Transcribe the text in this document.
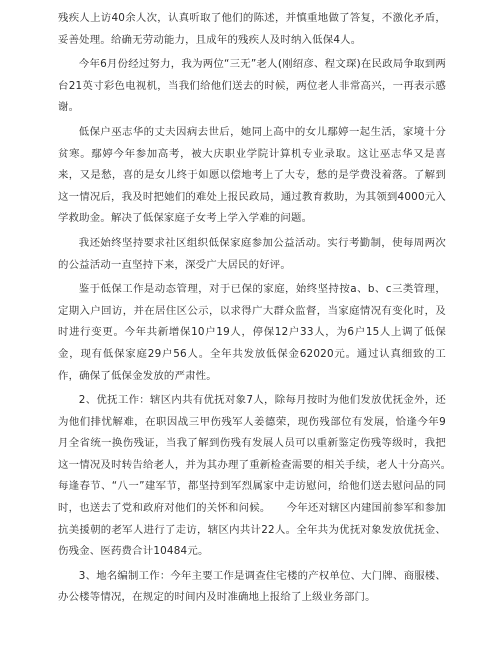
残疾人上访40余人次，认真听取了他们的陈述，并慎重地做了答复，不激化矛盾，妥善处理。给确无劳动能力，且成年的残疾人及时纳入低保4人。

今年6月份经过努力，我为两位“三无”老人(刚绍彦、程文琛)在民政局争取到两台21英寸彩色电视机，当我们给他们送去的时候，两位老人非常高兴，一再表示感谢。

低保户巫志华的丈夫因病去世后，她同上高中的女儿鄢婷一起生活，家境十分贫寒。鄢婷今年参加高考，被大庆职业学院计算机专业录取。这让巫志华又是喜来，又是愁，喜的是女儿终于如愿以偿地考上了大专，愁的是学费没着落。了解到这一情况后，我及时把她们的难处上报民政局，通过教育救助，为其领到4000元入学救助金。解决了低保家庭子女考上学入学难的问题。

我还始终坚持要求社区组织低保家庭参加公益活动。实行考勤制，使每周两次的公益活动一直坚持下来，深受广大居民的好评。

鉴于低保工作是动态管理，对于已保的家庭，始终坚持按a、b、c三类管理，定期入户回访，并在居住区公示，以求得广大群众监督，当家庭情况有变化时，及时进行变更。今年共新增保10户19人，停保12户33人，为6户15人上调了低保金，现有低保家庭29户56人。全年共发放低保金62020元。通过认真细致的工作，确保了低保金发放的严肃性。

2、优抚工作：辖区内共有优抚对象7人，除每月按时为他们发放优抚金外，还为他们排忧解难，在职因战三甲伤残军人姜德荣，现伤残部位有发展，恰逢今年9月全省统一换伤残证，当我了解到伤残有发展人员可以重新鉴定伤残等级时，我把这一情况及时转告给老人，并为其办理了重新检查需要的相关手续，老人十分高兴。　　每逢春节、“八一”建军节，都坚持到军烈属家中走访慰问，给他们送去慰问品的同时，也送去了党和政府对他们的关怀和问候。　　今年还对辖区内建国前参军和参加抗美援朝的老军人进行了走访，辖区内共计22人。全年共为优抚对象发放优抚金、伤残金、医药费合计10484元。

3、地名编制工作：今年主要工作是调查住宅楼的产权单位、大门牌、商服楼、办公楼等情况，在规定的时间内及时准确地上报给了上级业务部门。
